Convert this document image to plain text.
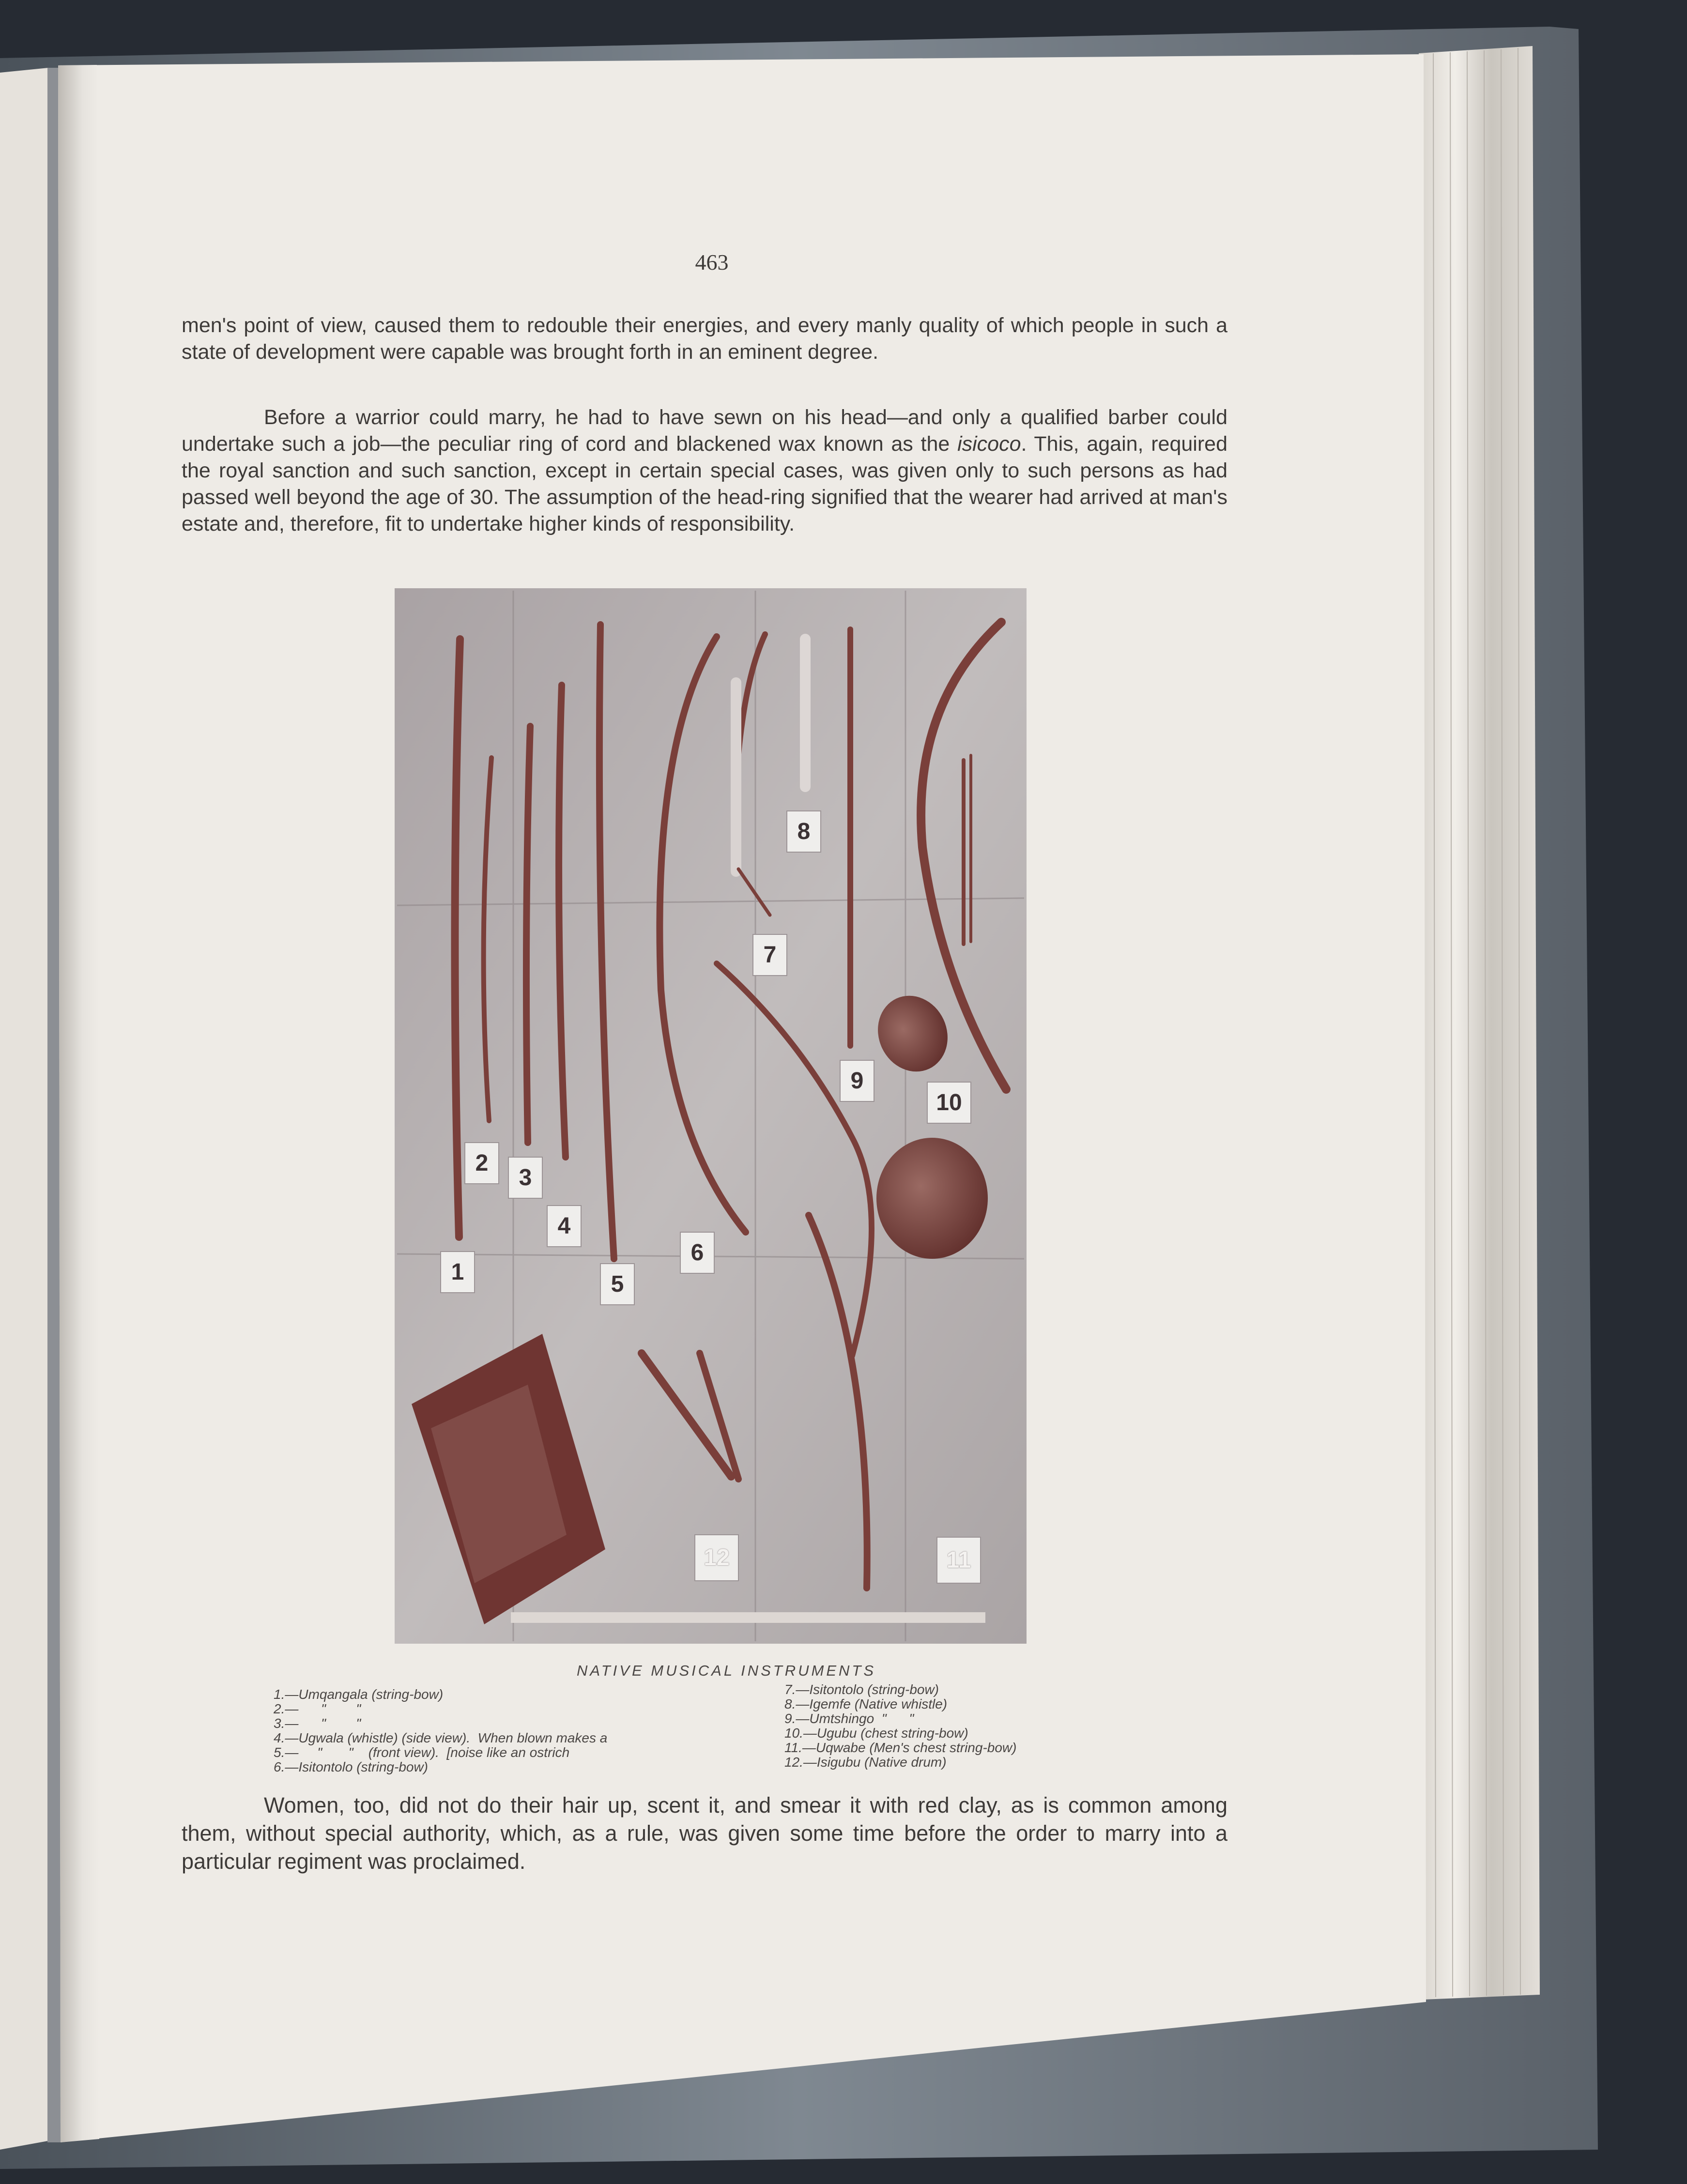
463
men's point of view, caused them to redouble their energies, and every manly quality of which people in such a state of development were capable was brought forth in an eminent degree.
Before a warrior could marry, he had to have sewn on his head—and only a qualified barber could undertake such a job—the peculiar ring of cord and blackened wax known as the isicoco. This, again, required the royal sanction and such sanction, except in certain special cases, was given only to such persons as had passed well beyond the age of 30. The assumption of the head-ring signified that the wearer had arrived at man's estate and, therefore, fit to undertake higher kinds of responsibility.
1
2
3
4
5
6
7
8
9
10
11
12
NATIVE MUSICAL INSTRUMENTS
1.—Umqangala (string-bow)
2.—      "        "
3.—      "        "
4.—Ugwala (whistle) (side view).  When blown makes a
5.—     "       "    (front view).  [noise like an ostrich
6.—Isitontolo (string-bow)
7.—Isitontolo (string-bow)
8.—Igemfe (Native whistle)
9.—Umtshingo  "      "
10.—Ugubu (chest string-bow)
11.—Uqwabe (Men's chest string-bow)
12.—Isigubu (Native drum)
Women, too, did not do their hair up, scent it, and smear it with red clay, as is common among them, without special authority, which, as a rule, was given some time before the order to marry into a particular regiment was proclaimed.
